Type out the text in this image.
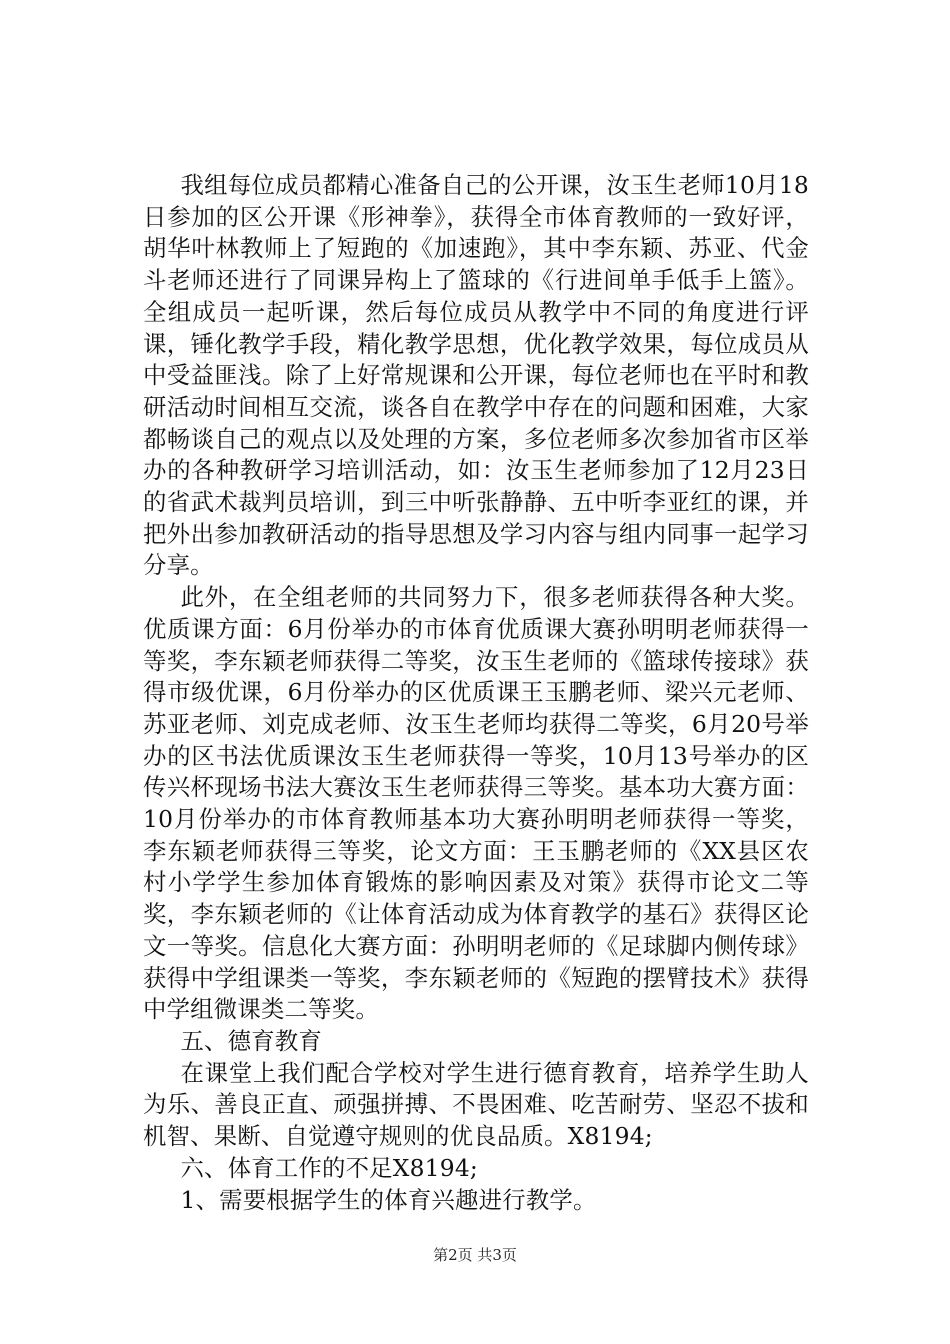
我组每位成员都精心准备自己的公开课，汝玉生老师10月18日参加的区公开课《形神拳》，获得全市体育教师的一致好评，胡华叶林教师上了短跑的《加速跑》，其中李东颖、苏亚、代金斗老师还进行了同课异构上了篮球的《行进间单手低手上篮》。全组成员一起听课，然后每位成员从教学中不同的角度进行评课，锤化教学手段，精化教学思想，优化教学效果，每位成员从中受益匪浅。除了上好常规课和公开课，每位老师也在平时和教研活动时间相互交流，谈各自在教学中存在的问题和困难，大家都畅谈自己的观点以及处理的方案，多位老师多次参加省市区举办的各种教研学习培训活动，如：汝玉生老师参加了12月23日的省武术裁判员培训，到三中听张静静、五中听李亚红的课，并把外出参加教研活动的指导思想及学习内容与组内同事一起学习分享。

此外，在全组老师的共同努力下，很多老师获得各种大奖。优质课方面：6月份举办的市体育优质课大赛孙明明老师获得一等奖，李东颖老师获得二等奖，汝玉生老师的《篮球传接球》获得市级优课，6月份举办的区优质课王玉鹏老师、梁兴元老师、苏亚老师、刘克成老师、汝玉生老师均获得二等奖，6月20号举办的区书法优质课汝玉生老师获得一等奖，10月13号举办的区传兴杯现场书法大赛汝玉生老师获得三等奖。基本功大赛方面：10月份举办的市体育教师基本功大赛孙明明老师获得一等奖，李东颖老师获得三等奖，论文方面：王玉鹏老师的《XX县区农村小学学生参加体育锻炼的影响因素及对策》获得市论文二等奖，李东颖老师的《让体育活动成为体育教学的基石》获得区论文一等奖。信息化大赛方面：孙明明老师的《足球脚内侧传球》获得中学组课类一等奖，李东颖老师的《短跑的摆臂技术》获得中学组微课类二等奖。

五、德育教育

在课堂上我们配合学校对学生进行德育教育，培养学生助人为乐、善良正直、顽强拼搏、不畏困难、吃苦耐劳、坚忍不拔和机智、果断、自觉遵守规则的优良品质。X8194;

六、体育工作的不足X8194;

1、需要根据学生的体育兴趣进行教学。

第2页 共3页
